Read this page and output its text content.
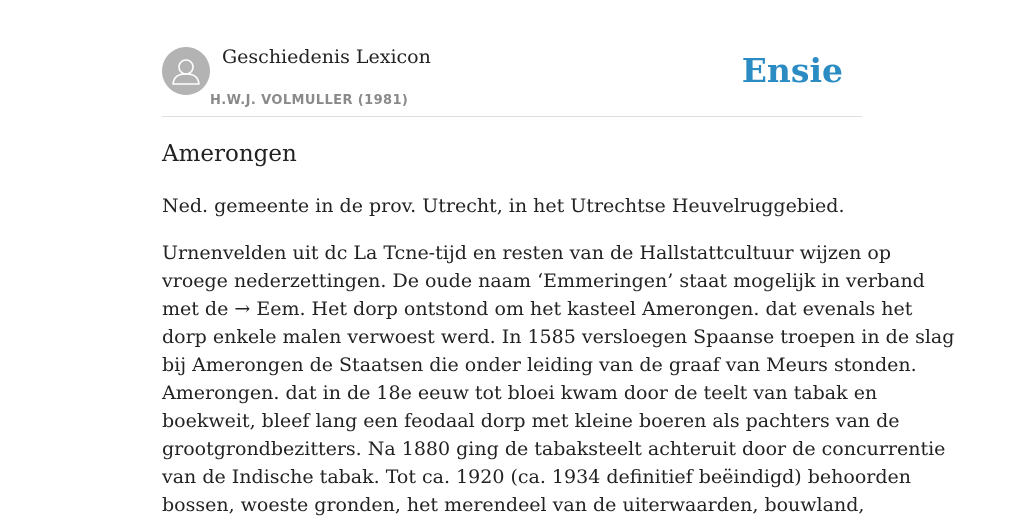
Geschiedenis Lexicon
H.W.J. VOLMULLER (1981)
Ensie
Amerongen

Ned. gemeente in de prov. Utrecht, in het Utrechtse Heuvelruggebied.

Urnenvelden uit dc La Tcne-tijd en resten van de Hallstattcultuur wijzen op
vroege nederzettingen. De oude naam ‘Emmeringen’ staat mogelijk in verband
met de → Eem. Het dorp ontstond om het kasteel Amerongen. dat evenals het
dorp enkele malen verwoest werd. In 1585 versloegen Spaanse troepen in de slag
bij Amerongen de Staatsen die onder leiding van de graaf van Meurs stonden.
Amerongen. dat in de 18e eeuw tot bloei kwam door de teelt van tabak en
boekweit, bleef lang een feodaal dorp met kleine boeren als pachters van de
grootgrondbezitters. Na 1880 ging de tabaksteelt achteruit door de concurrentie
van de Indische tabak. Tot ca. 1920 (ca. 1934 definitief beëindigd) behoorden
bossen, woeste gronden, het merendeel van de uiterwaarden, bouwland,
